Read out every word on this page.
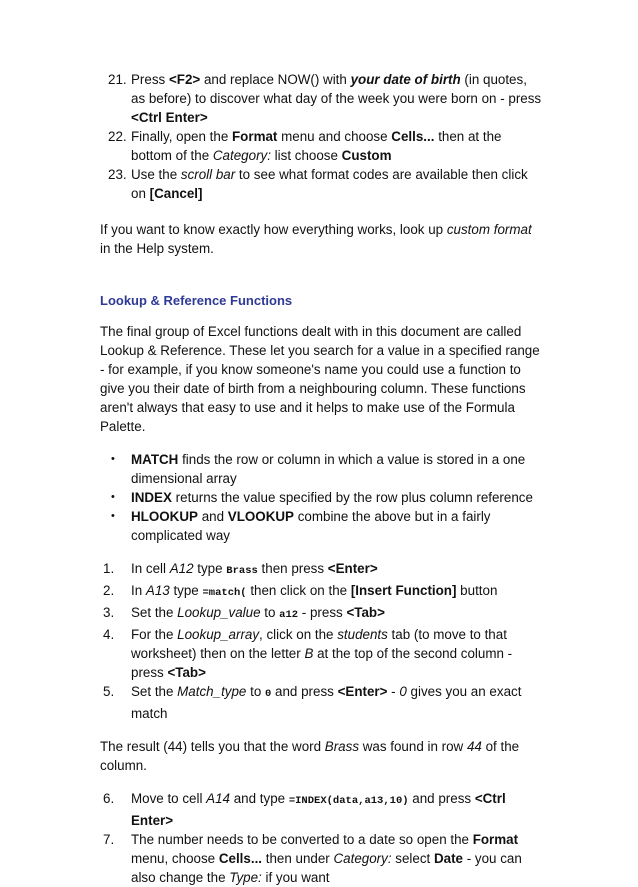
21. Press <F2> and replace NOW() with your date of birth (in quotes, as before) to discover what day of the week you were born on - press <Ctrl Enter>
22. Finally, open the Format menu and choose Cells... then at the bottom of the Category: list choose Custom
23. Use the scroll bar to see what format codes are available then click on [Cancel]

If you want to know exactly how everything works, look up custom format in the Help system.

Lookup & Reference Functions

The final group of Excel functions dealt with in this document are called Lookup & Reference. These let you search for a value in a specified range - for example, if you know someone's name you could use a function to give you their date of birth from a neighbouring column. These functions aren't always that easy to use and it helps to make use of the Formula Palette.

• MATCH finds the row or column in which a value is stored in a one dimensional array
• INDEX returns the value specified by the row plus column reference
• HLOOKUP and VLOOKUP combine the above but in a fairly complicated way
1. In cell A12 type Brass then press <Enter>
2. In A13 type =match( then click on the [Insert Function] button
3. Set the Lookup_value to a12 - press <Tab>
4. For the Lookup_array, click on the students tab (to move to that worksheet) then on the letter B at the top of the second column - press <Tab>
5. Set the Match_type to 0 and press <Enter> - 0 gives you an exact match

The result (44) tells you that the word Brass was found in row 44 of the column.

6. Move to cell A14 and type =INDEX(data,a13,10) and press <Ctrl Enter>
7. The number needs to be converted to a date so open the Format menu, choose Cells... then under Category: select Date - you can also change the Type: if you want
